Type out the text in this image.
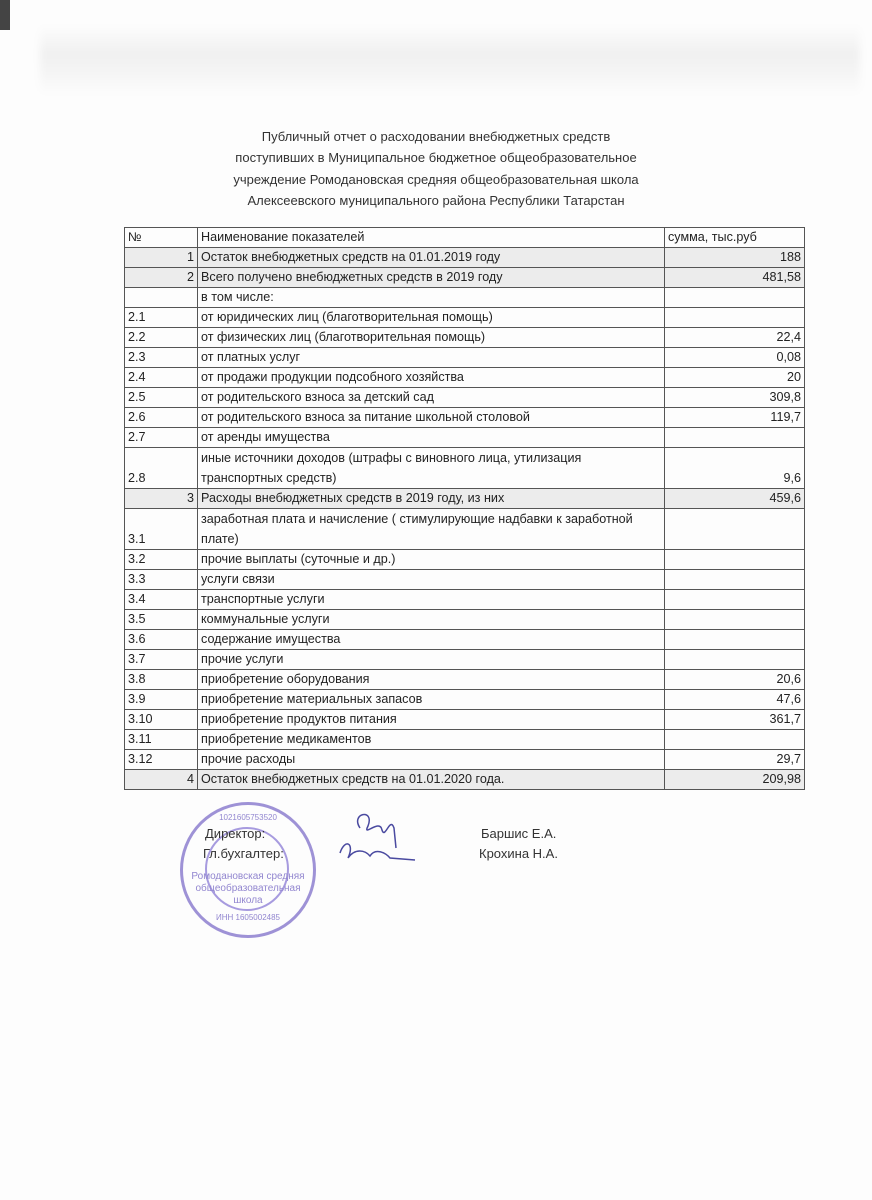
Публичный отчет о расходовании внебюджетных средств
поступивших в Муниципальное бюджетное общеобразовательное
учреждение Ромодановская средняя общеобразовательная школа
Алексеевского муниципального района Республики Татарстан
№	Наименование показателей	сумма, тыс.руб
1	Остаток внебюджетных средств на 01.01.2019 году	188
2	Всего получено внебюджетных средств в 2019 году	481,58
	в том числе:	
2.1	от юридических лиц (благотворительная помощь)	
2.2	от физических лиц (благотворительная помощь)	22,4
2.3	от платных услуг	0,08
2.4	от продажи продукции подсобного хозяйства	20
2.5	от родительского взноса за детский сад	309,8
2.6	от родительского взноса за питание школьной столовой	119,7
2.7	от аренды имущества	
2.8	иные источники доходов (штрафы с виновного лица, утилизация транспортных средств)	9,6
3	Расходы внебюджетных средств в 2019 году, из них	459,6
3.1	заработная плата и начисление ( стимулирующие надбавки к заработной плате)	
3.2	прочие выплаты (суточные и др.)	
3.3	услуги связи	
3.4	транспортные услуги	
3.5	коммунальные услуги	
3.6	содержание имущества	
3.7	прочие услуги	
3.8	приобретение оборудования	20,6
3.9	приобретение материальных запасов	47,6
3.10	приобретение продуктов питания	361,7
3.11	приобретение медикаментов	
3.12	прочие расходы	29,7
4	Остаток внебюджетных средств на 01.01.2020 года.	209,98
1021605753520
Ромодановская средняя общеобразовательная школа
ИНН 1605002485
Директор:	Баршис Е.А.
Гл.бухгалтер:	Крохина Н.А.
